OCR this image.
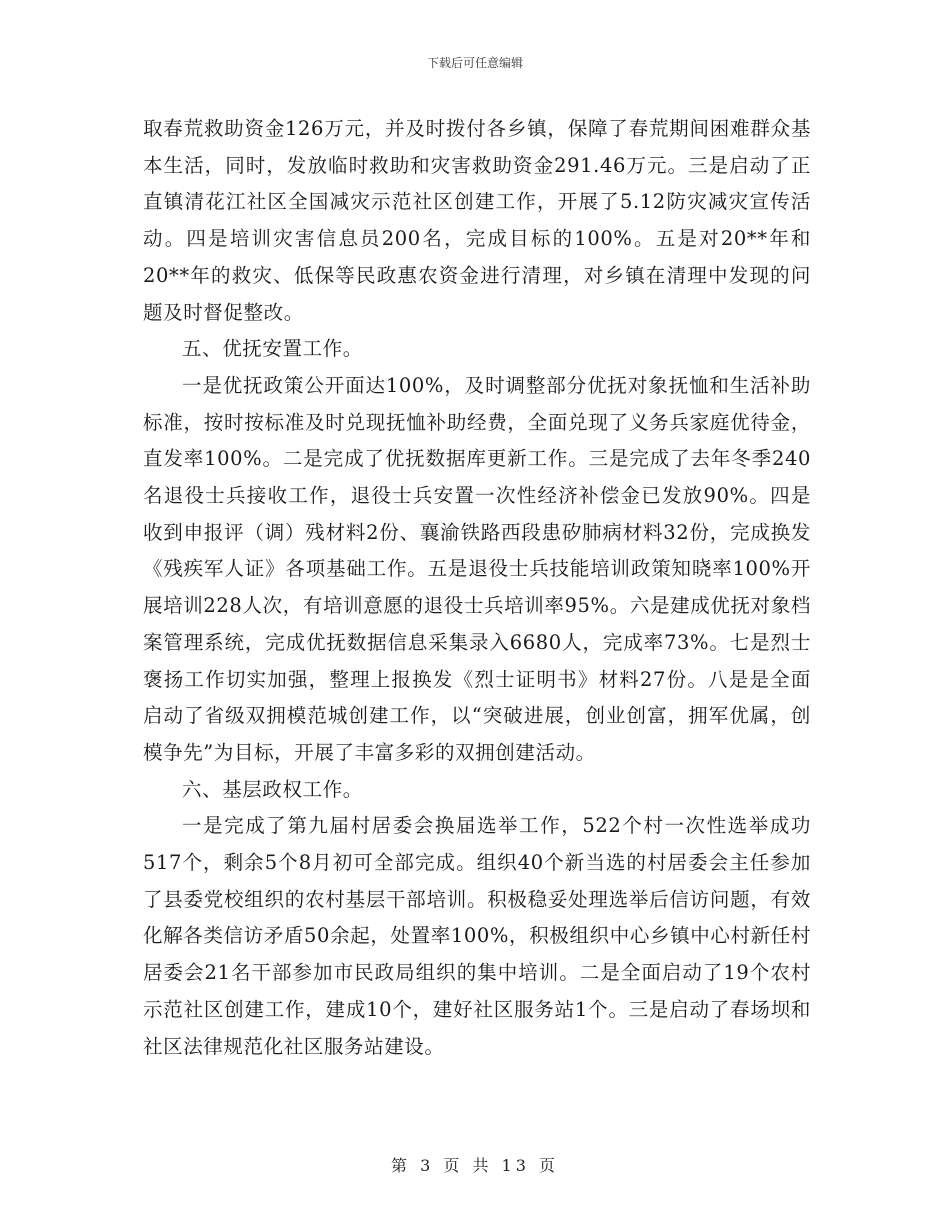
下载后可任意编辑

取春荒救助资金126万元，并及时拨付各乡镇，保障了春荒期间困难群众基本生活，同时，发放临时救助和灾害救助资金291.46万元。三是启动了正直镇清花江社区全国减灾示范社区创建工作，开展了5.12防灾减灾宣传活动。四是培训灾害信息员200名，完成目标的100%。五是对20**年和20**年的救灾、低保等民政惠农资金进行清理，对乡镇在清理中发现的问题及时督促整改。

五、优抚安置工作。

一是优抚政策公开面达100%，及时调整部分优抚对象抚恤和生活补助标准，按时按标准及时兑现抚恤补助经费，全面兑现了义务兵家庭优待金，直发率100%。二是完成了优抚数据库更新工作。三是完成了去年冬季240名退役士兵接收工作，退役士兵安置一次性经济补偿金已发放90%。四是收到申报评（调）残材料2份、襄渝铁路西段患矽肺病材料32份，完成换发《残疾军人证》各项基础工作。五是退役士兵技能培训政策知晓率100%开展培训228人次，有培训意愿的退役士兵培训率95%。六是建成优抚对象档案管理系统，完成优抚数据信息采集录入6680人，完成率73%。七是烈士褒扬工作切实加强，整理上报换发《烈士证明书》材料27份。八是是全面启动了省级双拥模范城创建工作，以“突破进展，创业创富，拥军优属，创模争先”为目标，开展了丰富多彩的双拥创建活动。

六、基层政权工作。

一是完成了第九届村居委会换届选举工作，522个村一次性选举成功517个，剩余5个8月初可全部完成。组织40个新当选的村居委会主任参加了县委党校组织的农村基层干部培训。积极稳妥处理选举后信访问题，有效化解各类信访矛盾50余起，处置率100%，积极组织中心乡镇中心村新任村居委会21名干部参加市民政局组织的集中培训。二是全面启动了19个农村示范社区创建工作，建成10个，建好社区服务站1个。三是启动了春场坝和社区法律规范化社区服务站建设。

第 3 页 共 13 页
